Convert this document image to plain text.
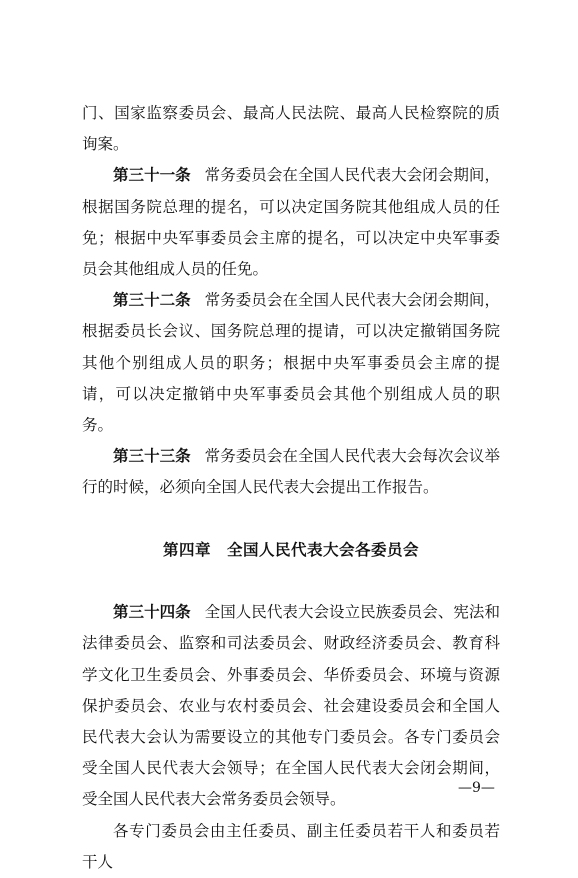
门、国家监察委员会、最高人民法院、最高人民检察院的质询案。

第三十一条 常务委员会在全国人民代表大会闭会期间，根据国务院总理的提名，可以决定国务院其他组成人员的任免；根据中央军事委员会主席的提名，可以决定中央军事委员会其他组成人员的任免。

第三十二条 常务委员会在全国人民代表大会闭会期间，根据委员长会议、国务院总理的提请，可以决定撤销国务院其他个别组成人员的职务；根据中央军事委员会主席的提请，可以决定撤销中央军事委员会其他个别组成人员的职务。

第三十三条 常务委员会在全国人民代表大会每次会议举行的时候，必须向全国人民代表大会提出工作报告。

第四章 全国人民代表大会各委员会

第三十四条 全国人民代表大会设立民族委员会、宪法和法律委员会、监察和司法委员会、财政经济委员会、教育科学文化卫生委员会、外事委员会、华侨委员会、环境与资源保护委员会、农业与农村委员会、社会建设委员会和全国人民代表大会认为需要设立的其他专门委员会。各专门委员会受全国人民代表大会领导；在全国人民代表大会闭会期间，受全国人民代表大会常务委员会领导。

各专门委员会由主任委员、副主任委员若干人和委员若干人

—9—
